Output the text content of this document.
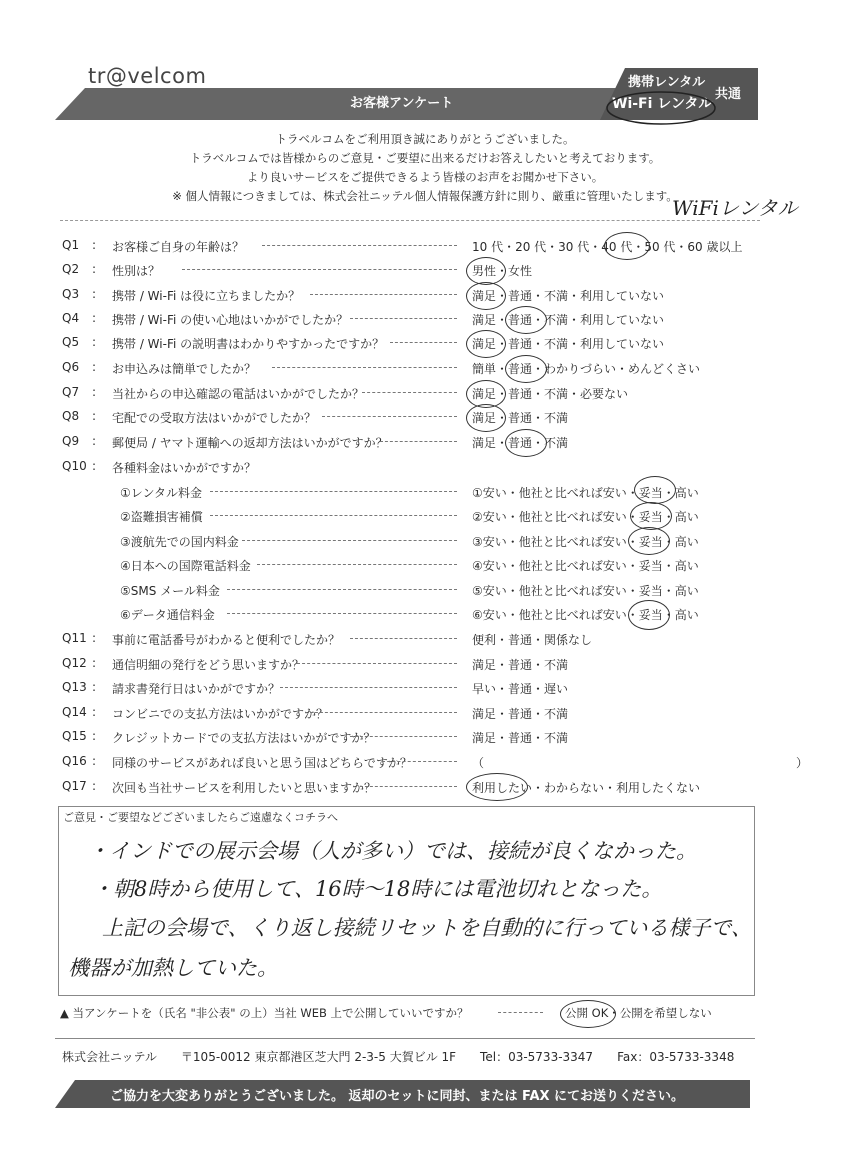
tr@velcom
お客様アンケート
携帯レンタル
Wi-Fi レンタル
共通
トラベルコムをご利用頂き誠にありがとうございました。
トラベルコムでは皆様からのご意見・ご要望に出来るだけお答えしたいと考えております。
より良いサービスをご提供できるよう皆様のお声をお聞かせ下さい。
※ 個人情報につきましては、株式会社ニッテル個人情報保護方針に則り、厳重に管理いたします。
WiFiレンタル
Q1 : お客様ご自身の年齢は？	10 代・20 代・30 代・40 代・50 代・60 歳以上
Q2 : 性別は？	男性・女性
Q3 : 携帯 / Wi-Fi は役に立ちましたか？	満足・普通・不満・利用していない
Q4 : 携帯 / Wi-Fi の使い心地はいかがでしたか？	満足・普通・不満・利用していない
Q5 : 携帯 / Wi-Fi の説明書はわかりやすかったですか？	満足・普通・不満・利用していない
Q6 : お申込みは簡単でしたか？	簡単・普通・わかりづらい・めんどくさい
Q7 : 当社からの申込確認の電話はいかがでしたか？	満足・普通・不満・必要ない
Q8 : 宅配での受取方法はいかがでしたか？	満足・普通・不満
Q9 : 郵便局 / ヤマト運輸への返却方法はいかがですか？	満足・普通・不満
Q10 : 各種料金はいかがですか？
①レンタル料金	①安い・他社と比べれば安い・妥当・高い
②盗難損害補償	②安い・他社と比べれば安い・妥当・高い
③渡航先での国内料金	③安い・他社と比べれば安い・妥当・高い
④日本への国際電話料金	④安い・他社と比べれば安い・妥当・高い
⑤SMS メール料金	⑤安い・他社と比べれば安い・妥当・高い
⑥データ通信料金	⑥安い・他社と比べれば安い・妥当・高い
Q11 : 事前に電話番号がわかると便利でしたか？	便利・普通・関係なし
Q12 : 通信明細の発行をどう思いますか？	満足・普通・不満
Q13 : 請求書発行日はいかがですか？	早い・普通・遅い
Q14 : コンビニでの支払方法はいかがですか？	満足・普通・不満
Q15 : クレジットカードでの支払方法はいかがですか？	満足・普通・不満
Q16 : 同様のサービスがあれば良いと思う国はどちらですか？	（　　　　　　　　　　　　　　　　　　　　　　　　　　）
Q17 : 次回も当社サービスを利用したいと思いますか？	利用したい・わからない・利用したくない
ご意見・ご要望などございましたらご遠慮なくコチラへ
・インドでの展示会場（人が多い）では、接続が良くなかった。
・朝8時から使用して、16時〜18時には電池切れとなった。
上記の会場で、くり返し接続リセットを自動的に行っている様子で、
機器が加熱していた。
▲ 当アンケートを（氏名 "非公表" の上）当社 WEB 上で公開していいですか？	公開 OK・公開を希望しない
株式会社ニッテル　　〒105-0012 東京都港区芝大門 2-3-5 大賀ビル 1F　　Tel：03-5733-3347　　Fax：03-5733-3348
ご協力を大変ありがとうございました。 返却のセットに同封、または FAX にてお送りください。
